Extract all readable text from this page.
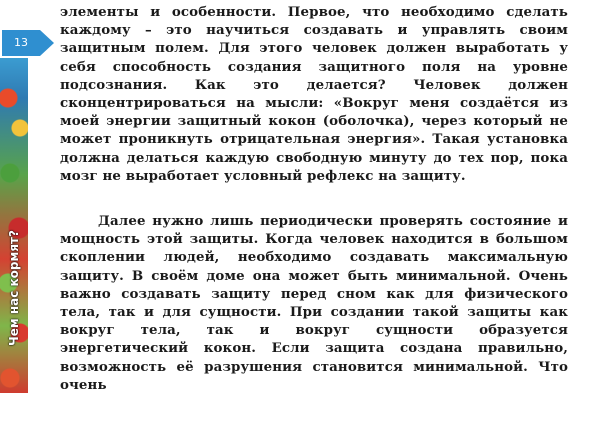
Чем нас кормят?
13

элементы и особенности. Первое, что необходимо сделать каждому – это научиться создавать и управлять своим защитным полем. Для этого человек должен выработать у себя способность создания защитного поля на уровне подсознания. Как это делается? Человек должен сконцентрироваться на мысли: «Вокруг меня создаётся из моей энергии защитный кокон (оболочка), через который не может проникнуть отрицательная энергия». Такая установка должна делаться каждую свободную минуту до тех пор, пока мозг не выработает условный рефлекс на защиту.

Далее нужно лишь периодически проверять состояние и мощность этой защиты. Когда человек находится в большом скоплении людей, необходимо создавать максимальную защиту. В своём доме она может быть минимальной. Очень важно создавать защиту перед сном как для физического тела, так и для сущности. При создании такой защиты как вокруг тела, так и вокруг сущности образуется энергетический кокон. Если защита создана правильно, возможность её разрушения становится минимальной. Что очень
